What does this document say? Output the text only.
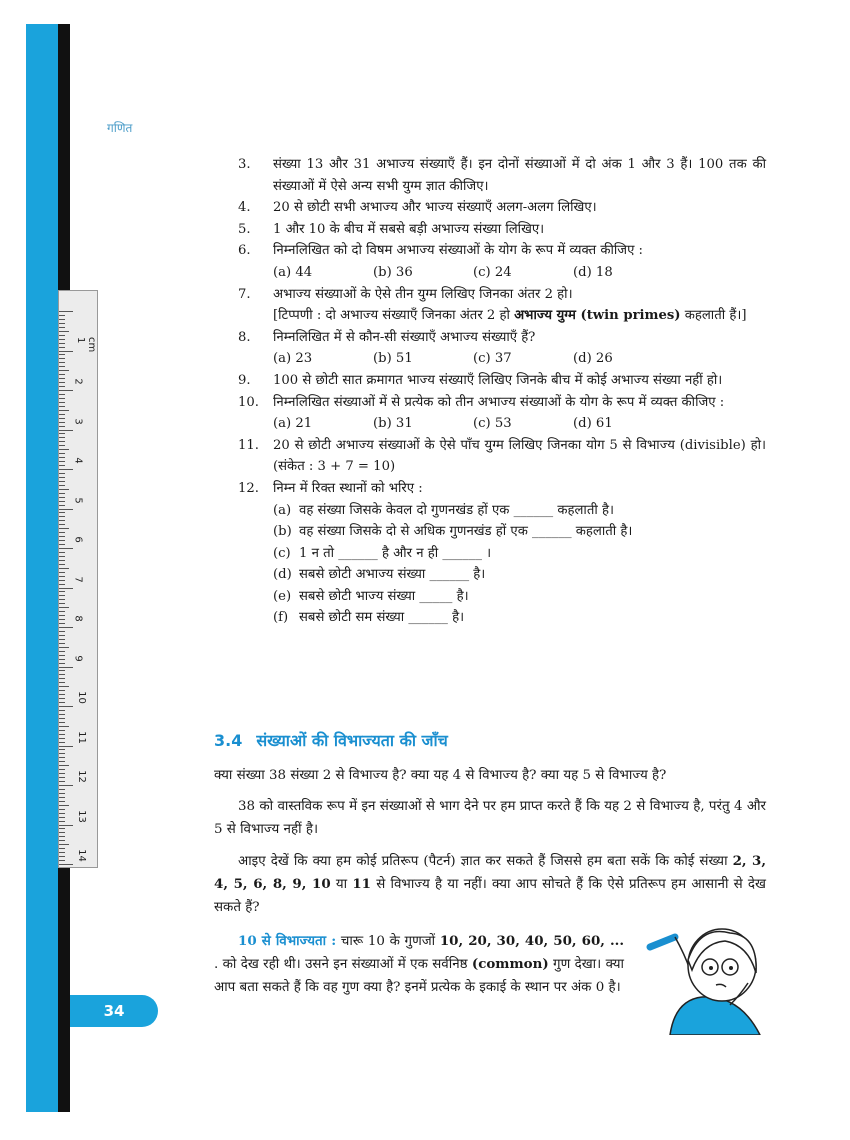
गणित
cm 1
2
3
4
5
6
7
8
9
10
11
12
13
14
3.	संख्या 13 और 31 अभाज्य संख्याएँ हैं। इन दोनों संख्याओं में दो अंक 1 और 3 हैं। 100 तक की संख्याओं में ऐसे अन्य सभी युग्म ज्ञात कीजिए।
4.	20 से छोटी सभी अभाज्य और भाज्य संख्याएँ अलग-अलग लिखिए।
5.	1 और 10 के बीच में सबसे बड़ी अभाज्य संख्या लिखिए।
6.	निम्नलिखित को दो विषम अभाज्य संख्याओं के योग के रूप में व्यक्त कीजिए :
(a) 44	(b) 36	(c) 24	(d) 18
7.	अभाज्य संख्याओं के ऐसे तीन युग्म लिखिए जिनका अंतर 2 हो।
[टिप्पणी : दो अभाज्य संख्याएँ जिनका अंतर 2 हो अभाज्य युग्म (twin primes) कहलाती हैं।]
8.	निम्नलिखित में से कौन-सी संख्याएँ अभाज्य संख्याएँ हैं?
(a) 23	(b) 51	(c) 37	(d) 26
9.	100 से छोटी सात क्रमागत भाज्य संख्याएँ लिखिए जिनके बीच में कोई अभाज्य संख्या नहीं हो।
10.	निम्नलिखित संख्याओं में से प्रत्येक को तीन अभाज्य संख्याओं के योग के रूप में व्यक्त कीजिए :
(a) 21	(b) 31	(c) 53	(d) 61
11.	20 से छोटी अभाज्य संख्याओं के ऐसे पाँच युग्म लिखिए जिनका योग 5 से विभाज्य (divisible) हो। (संकेत : 3 + 7 = 10)
12.	निम्न में रिक्त स्थानों को भरिए :
(a) वह संख्या जिसके केवल दो गुणनखंड हों एक ______ कहलाती है।
(b) वह संख्या जिसके दो से अधिक गुणनखंड हों एक ______ कहलाती है।
(c) 1 न तो ______ है और न ही ______ ।
(d) सबसे छोटी अभाज्य संख्या ______ है।
(e) सबसे छोटी भाज्य संख्या _____ है।
(f) सबसे छोटी सम संख्या ______ है।
3.4 संख्याओं की विभाज्यता की जाँच
क्या संख्या 38 संख्या 2 से विभाज्य है? क्या यह 4 से विभाज्य है? क्या यह 5 से विभाज्य है?
38 को वास्तविक रूप में इन संख्याओं से भाग देने पर हम प्राप्त करते हैं कि यह 2 से विभाज्य है, परंतु 4 और 5 से विभाज्य नहीं है।
आइए देखें कि क्या हम कोई प्रतिरूप (पैटर्न) ज्ञात कर सकते हैं जिससे हम बता सकें कि कोई संख्या 2, 3, 4, 5, 6, 8, 9, 10 या 11 से विभाज्य है या नहीं। क्या आप सोचते हैं कि ऐसे प्रतिरूप हम आसानी से देख सकते हैं?
10 से विभाज्यता : चारू 10 के गुणजों 10, 20, 30, 40, 50, 60, ... . को देख रही थी। उसने इन संख्याओं में एक सर्वनिष्ठ (common) गुण देखा। क्या आप बता सकते हैं कि वह गुण क्या है? इनमें प्रत्येक के इकाई के स्थान पर अंक 0 है।
34
